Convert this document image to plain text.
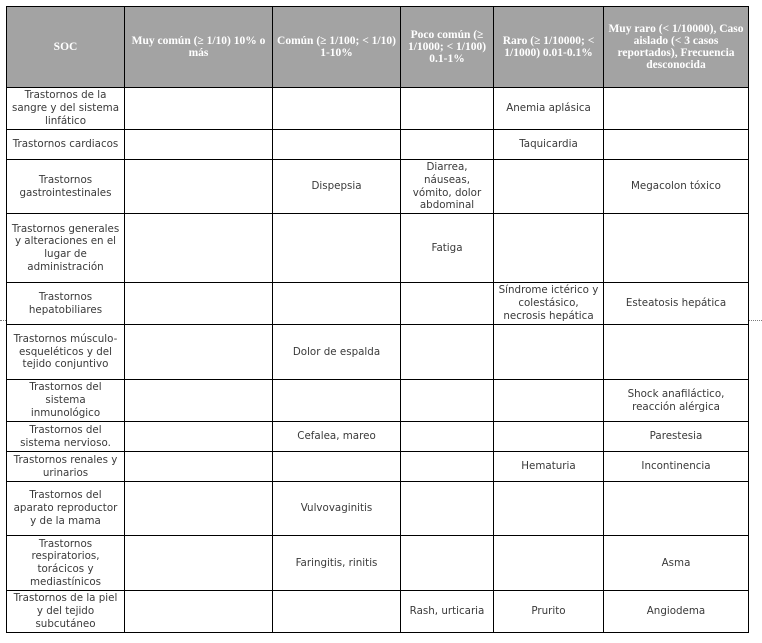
SOC	Muy común (≥ 1/10) 10% o más	Común (≥ 1/100; < 1/10) 1-10%	Poco común (≥ 1/1000; < 1/100) 0.1-1%	Raro (≥ 1/10000; < 1/1000) 0.01-0.1%	Muy raro (< 1/10000), Caso aislado (< 3 casos reportados), Frecuencia desconocida
Trastornos de la sangre y del sistema linfático				Anemia aplásica	
Trastornos cardiacos				Taquicardia	
Trastornos gastrointestinales		Dispepsia	Diarrea, náuseas, vómito, dolor abdominal		Megacolon tóxico
Trastornos generales y alteraciones en el lugar de administración			Fatiga		
Trastornos hepatobiliares				Síndrome ictérico y colestásico, necrosis hepática	Esteatosis hepática
Trastornos músculo-esqueléticos y del tejido conjuntivo		Dolor de espalda			
Trastornos del sistema inmunológico					Shock anafiláctico, reacción alérgica
Trastornos del sistema nervioso.		Cefalea, mareo			Parestesia
Trastornos renales y urinarios				Hematuria	Incontinencia
Trastornos del aparato reproductor y de la mama		Vulvovaginitis			
Trastornos respiratorios, torácicos y mediastínicos		Faringitis, rinitis			Asma
Trastornos de la piel y del tejido subcutáneo			Rash, urticaria	Prurito	Angiodema
